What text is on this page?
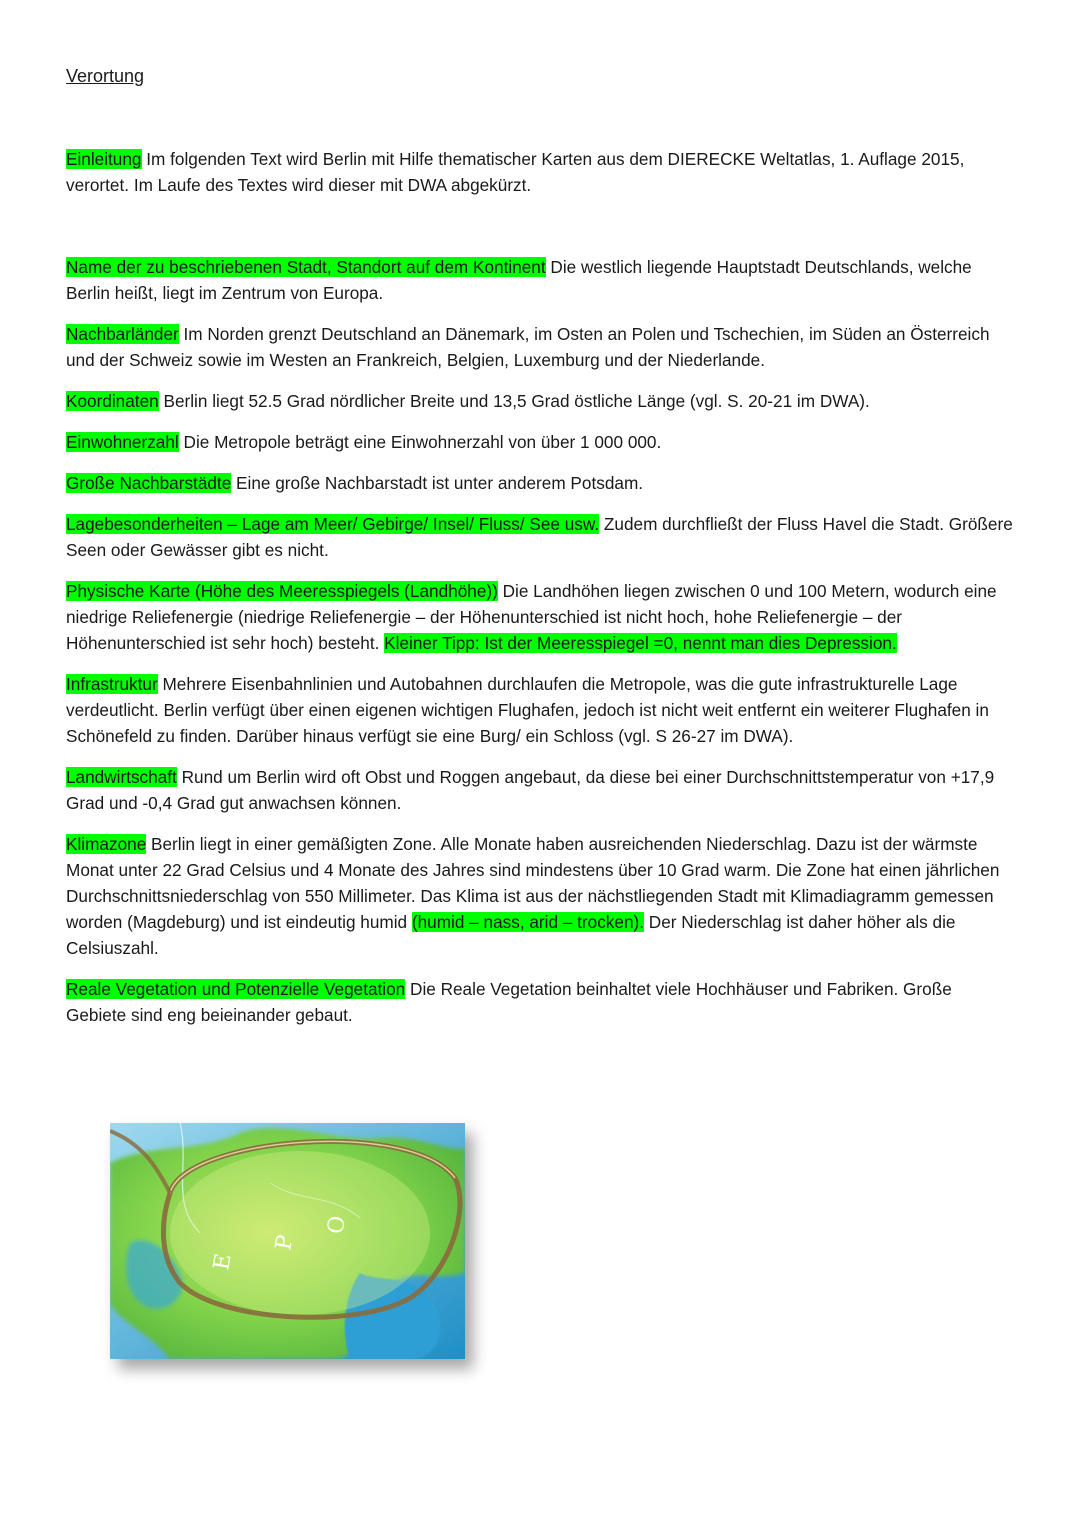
Verortung

Einleitung Im folgenden Text wird Berlin mit Hilfe thematischer Karten aus dem DIERECKE Weltatlas, 1. Auflage 2015, verortet. Im Laufe des Textes wird dieser mit DWA abgekürzt.

Name der zu beschriebenen Stadt, Standort auf dem Kontinent Die westlich liegende Hauptstadt Deutschlands, welche Berlin heißt, liegt im Zentrum von Europa.

Nachbarländer Im Norden grenzt Deutschland an Dänemark, im Osten an Polen und Tschechien, im Süden an Österreich und der Schweiz sowie im Westen an Frankreich, Belgien, Luxemburg und der Niederlande.

Koordinaten Berlin liegt 52.5 Grad nördlicher Breite und 13,5 Grad östliche Länge (vgl. S. 20-21 im DWA).

Einwohnerzahl Die Metropole beträgt eine Einwohnerzahl von über 1 000 000.

Große Nachbarstädte Eine große Nachbarstadt ist unter anderem Potsdam.

Lagebesonderheiten – Lage am Meer/ Gebirge/ Insel/ Fluss/ See usw. Zudem durchfließt der Fluss Havel die Stadt. Größere Seen oder Gewässer gibt es nicht.

Physische Karte (Höhe des Meeresspiegels (Landhöhe)) Die Landhöhen liegen zwischen 0 und 100 Metern, wodurch eine niedrige Reliefenergie (niedrige Reliefenergie – der Höhenunterschied ist nicht hoch, hohe Reliefenergie – der Höhenunterschied ist sehr hoch) besteht. Kleiner Tipp: Ist der Meeresspiegel =0, nennt man dies Depression.

Infrastruktur Mehrere Eisenbahnlinien und Autobahnen durchlaufen die Metropole, was die gute infrastrukturelle Lage verdeutlicht. Berlin verfügt über einen eigenen wichtigen Flughafen, jedoch ist nicht weit entfernt ein weiterer Flughafen in Schönefeld zu finden. Darüber hinaus verfügt sie eine Burg/ ein Schloss (vgl. S 26-27 im DWA).

Landwirtschaft Rund um Berlin wird oft Obst und Roggen angebaut, da diese bei einer Durchschnittstemperatur von +17,9 Grad und -0,4 Grad gut anwachsen können.

Klimazone Berlin liegt in einer gemäßigten Zone. Alle Monate haben ausreichenden Niederschlag. Dazu ist der wärmste Monat unter 22 Grad Celsius und 4 Monate des Jahres sind mindestens über 10 Grad warm. Die Zone hat einen jährlichen Durchschnittsniederschlag von 550 Millimeter. Das Klima ist aus der nächstliegenden Stadt mit Klimadiagramm gemessen worden (Magdeburg) und ist eindeutig humid (humid – nass, arid – trocken). Der Niederschlag ist daher höher als die Celsiuszahl.

Reale Vegetation und Potenzielle Vegetation Die Reale Vegetation beinhaltet viele Hochhäuser und Fabriken. Große Gebiete sind eng beieinander gebaut.

E
P
O
